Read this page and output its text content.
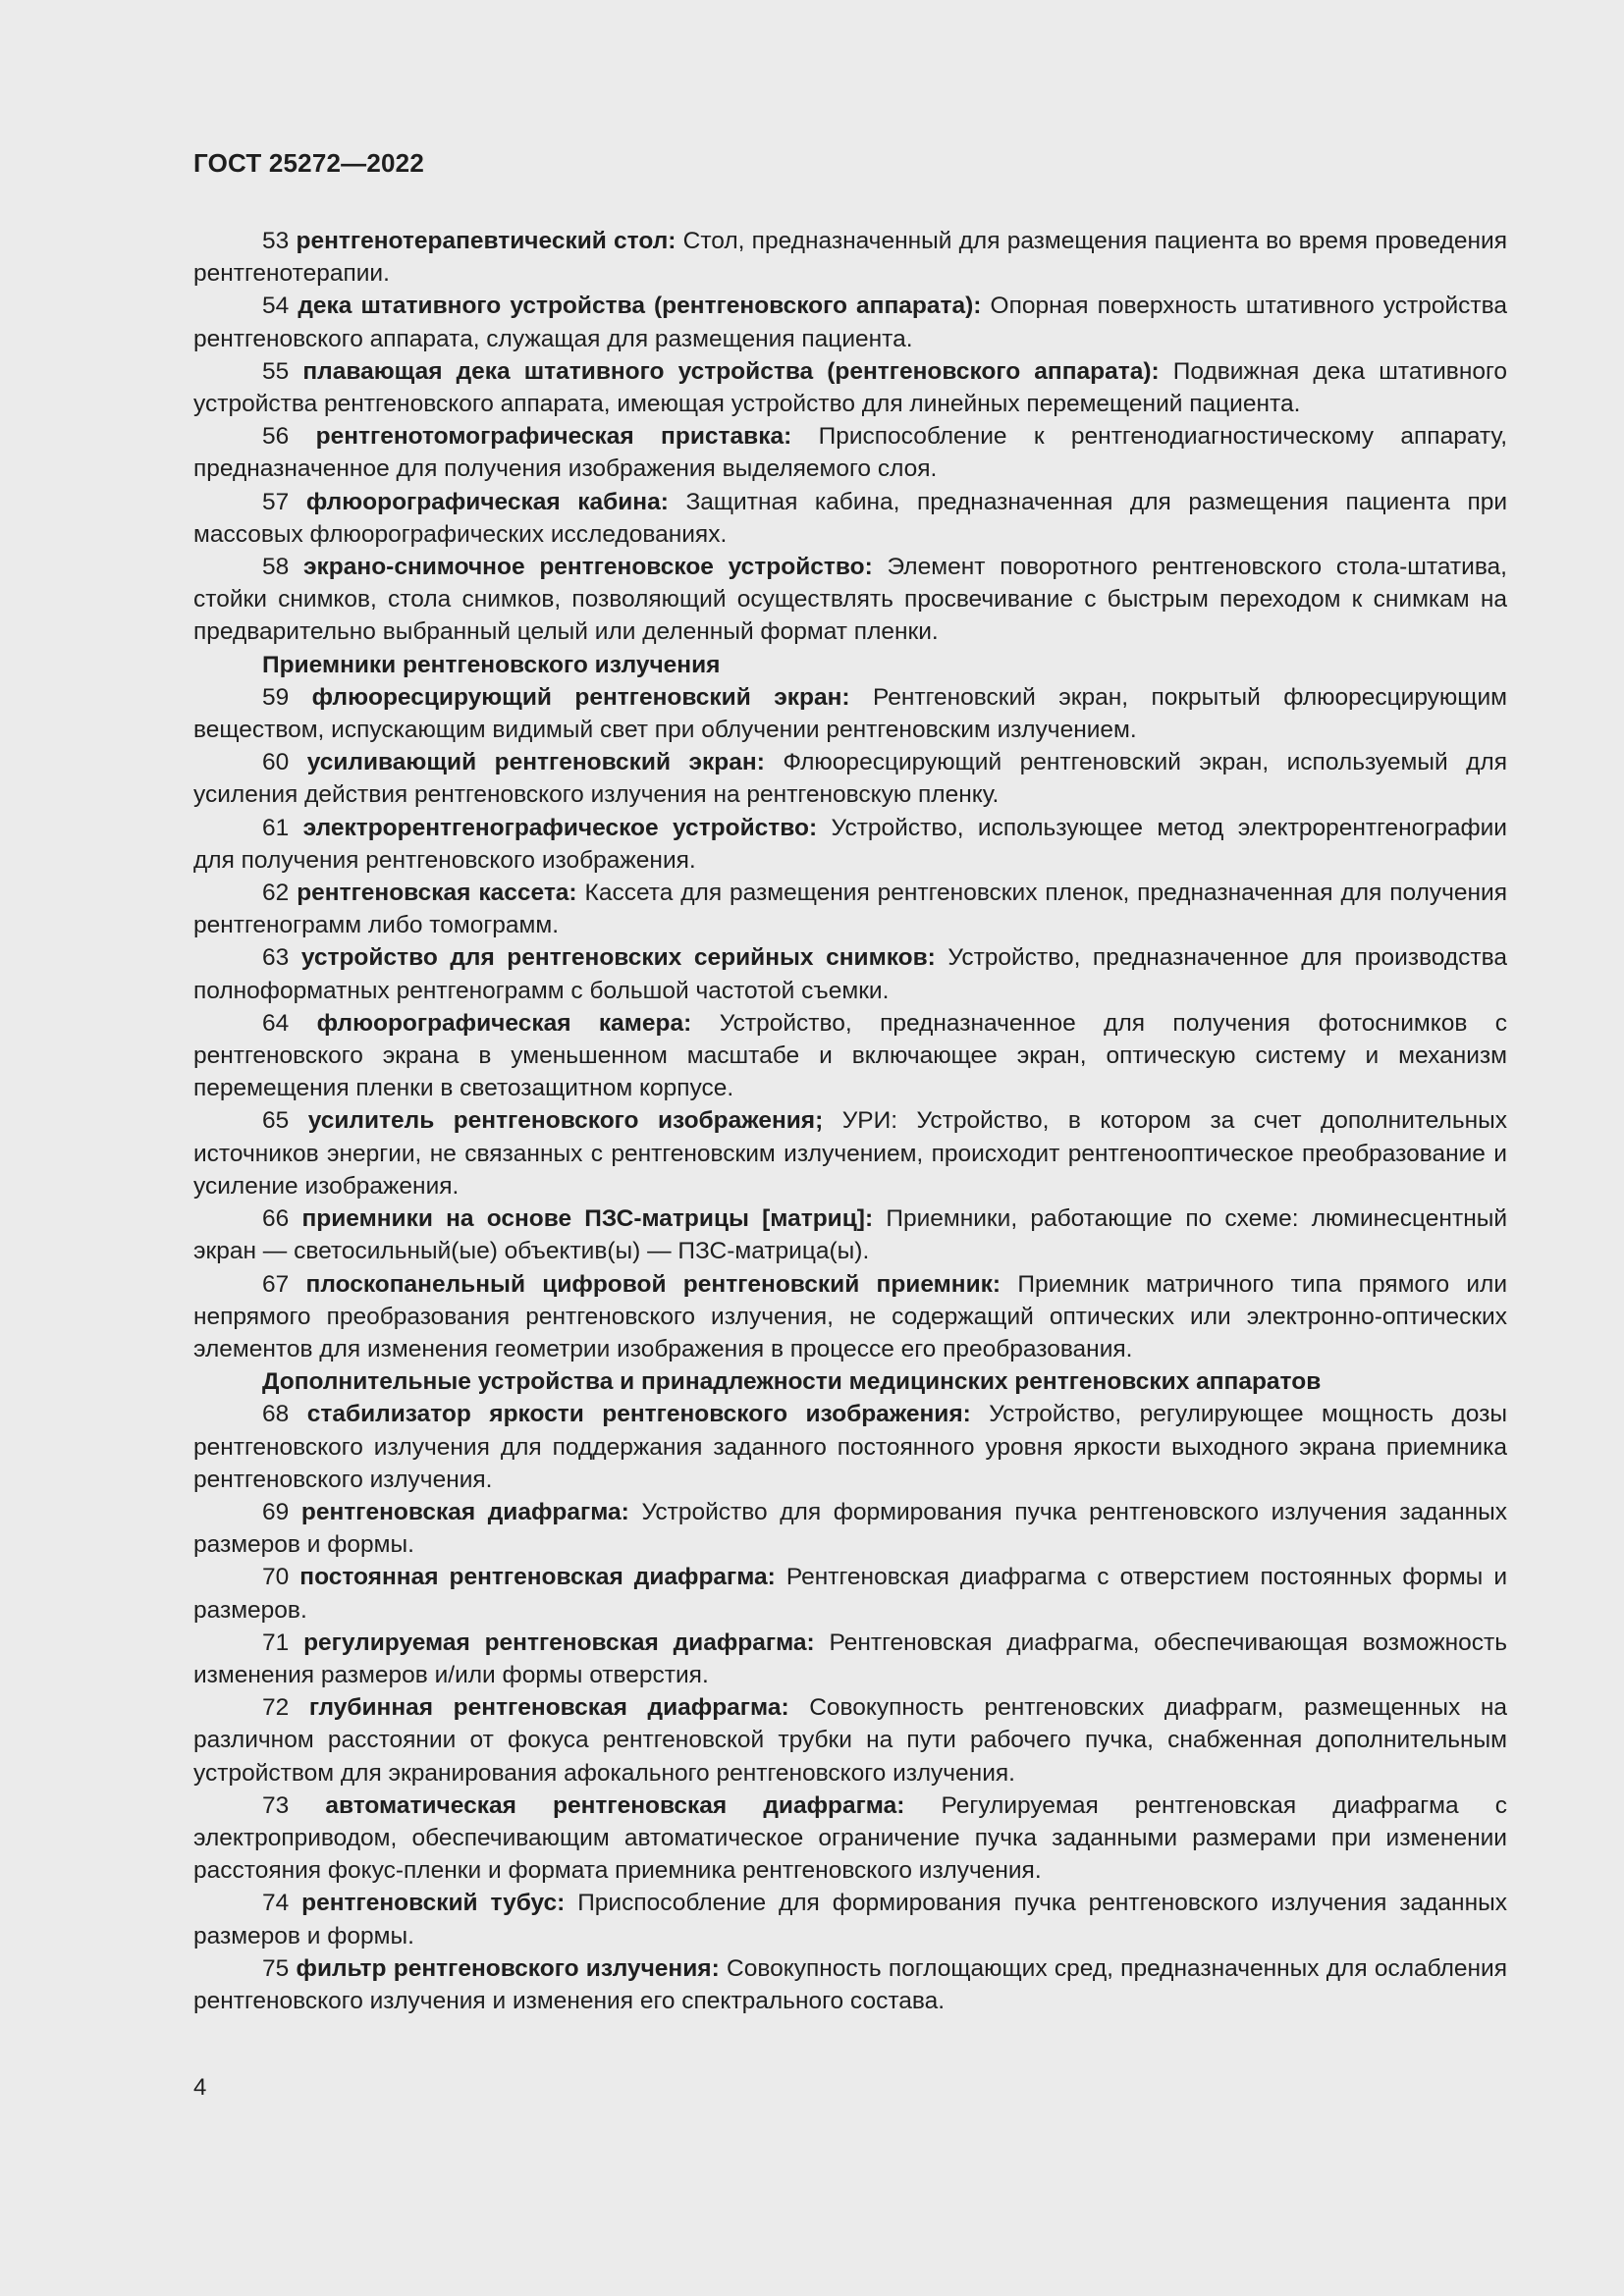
ГОСТ 25272—2022

53 рентгенотерапевтический стол: Стол, предназначенный для размещения пациента во время проведения рентгенотерапии.

54 дека штативного устройства (рентгеновского аппарата): Опорная поверхность штативного устройства рентгеновского аппарата, служащая для размещения пациента.

55 плавающая дека штативного устройства (рентгеновского аппарата): Подвижная дека штативного устройства рентгеновского аппарата, имеющая устройство для линейных перемещений пациента.

56 рентгенотомографическая приставка: Приспособление к рентгенодиагностическому аппарату, предназначенное для получения изображения выделяемого слоя.

57 флюорографическая кабина: Защитная кабина, предназначенная для размещения пациента при массовых флюорографических исследованиях.

58 экрано-снимочное рентгеновское устройство: Элемент поворотного рентгеновского стола-штатива, стойки снимков, стола снимков, позволяющий осуществлять просвечивание с быстрым переходом к снимкам на предварительно выбранный целый или деленный формат пленки.

Приемники рентгеновского излучения

59 флюоресцирующий рентгеновский экран: Рентгеновский экран, покрытый флюоресцирующим веществом, испускающим видимый свет при облучении рентгеновским излучением.

60 усиливающий рентгеновский экран: Флюоресцирующий рентгеновский экран, используемый для усиления действия рентгеновского излучения на рентгеновскую пленку.

61 электрорентгенографическое устройство: Устройство, использующее метод электрорентгенографии для получения рентгеновского изображения.

62 рентгеновская кассета: Кассета для размещения рентгеновских пленок, предназначенная для получения рентгенограмм либо томограмм.

63 устройство для рентгеновских серийных снимков: Устройство, предназначенное для производства полноформатных рентгенограмм с большой частотой съемки.

64 флюорографическая камера: Устройство, предназначенное для получения фотоснимков с рентгеновского экрана в уменьшенном масштабе и включающее экран, оптическую систему и механизм перемещения пленки в светозащитном корпусе.

65 усилитель рентгеновского изображения; УРИ: Устройство, в котором за счет дополнительных источников энергии, не связанных с рентгеновским излучением, происходит рентгенооптическое преобразование и усиление изображения.

66 приемники на основе ПЗС-матрицы [матриц]: Приемники, работающие по схеме: люминесцентный экран — светосильный(ые) объектив(ы) — ПЗС-матрица(ы).

67 плоскопанельный цифровой рентгеновский приемник: Приемник матричного типа прямого или непрямого преобразования рентгеновского излучения, не содержащий оптических или электронно-оптических элементов для изменения геометрии изображения в процессе его преобразования.

Дополнительные устройства и принадлежности медицинских рентгеновских аппаратов

68 стабилизатор яркости рентгеновского изображения: Устройство, регулирующее мощность дозы рентгеновского излучения для поддержания заданного постоянного уровня яркости выходного экрана приемника рентгеновского излучения.

69 рентгеновская диафрагма: Устройство для формирования пучка рентгеновского излучения заданных размеров и формы.

70 постоянная рентгеновская диафрагма: Рентгеновская диафрагма с отверстием постоянных формы и размеров.

71 регулируемая рентгеновская диафрагма: Рентгеновская диафрагма, обеспечивающая возможность изменения размеров и/или формы отверстия.

72 глубинная рентгеновская диафрагма: Совокупность рентгеновских диафрагм, размещенных на различном расстоянии от фокуса рентгеновской трубки на пути рабочего пучка, снабженная дополнительным устройством для экранирования афокального рентгеновского излучения.

73 автоматическая рентгеновская диафрагма: Регулируемая рентгеновская диафрагма с электроприводом, обеспечивающим автоматическое ограничение пучка заданными размерами при изменении расстояния фокус-пленки и формата приемника рентгеновского излучения.

74 рентгеновский тубус: Приспособление для формирования пучка рентгеновского излучения заданных размеров и формы.

75 фильтр рентгеновского излучения: Совокупность поглощающих сред, предназначенных для ослабления рентгеновского излучения и изменения его спектрального состава.

4
